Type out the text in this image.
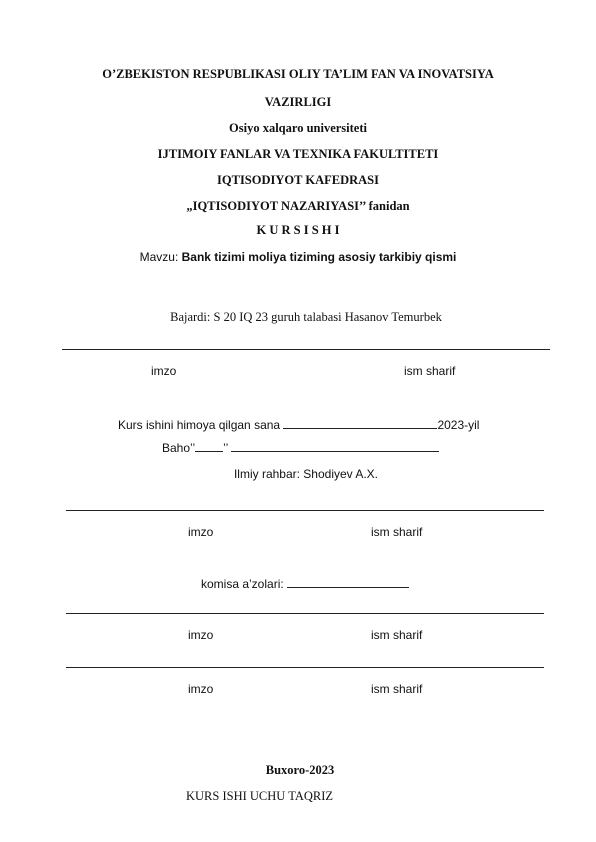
O’ZBEKISTON RESPUBLIKASI OLIY TA’LIM FAN VA INOVATSIYA
VAZIRLIGI
Osiyo xalqaro universiteti
IJTIMOIY FANLAR VA TEXNIKA FAKULTITETI
IQTISODIYOT KAFEDRASI
„IQTISODIYOT NAZARIYASI’’ fanidan
K U R S I S H I
Mavzu: Bank tizimi moliya tiziming asosiy tarkibiy qismi
Bajardi: S 20 IQ 23 guruh talabasi Hasanov Temurbek
imzo	ism sharif
Kurs ishini himoya qilgan sana	2023-yil
Baho’’ ’’
Ilmiy rahbar: Shodiyev A.X.
imzo	ism sharif
komisa a’zolari:
imzo	ism sharif
imzo	ism sharif
Buxoro-2023
KURS ISHI UCHU TAQRIZ
